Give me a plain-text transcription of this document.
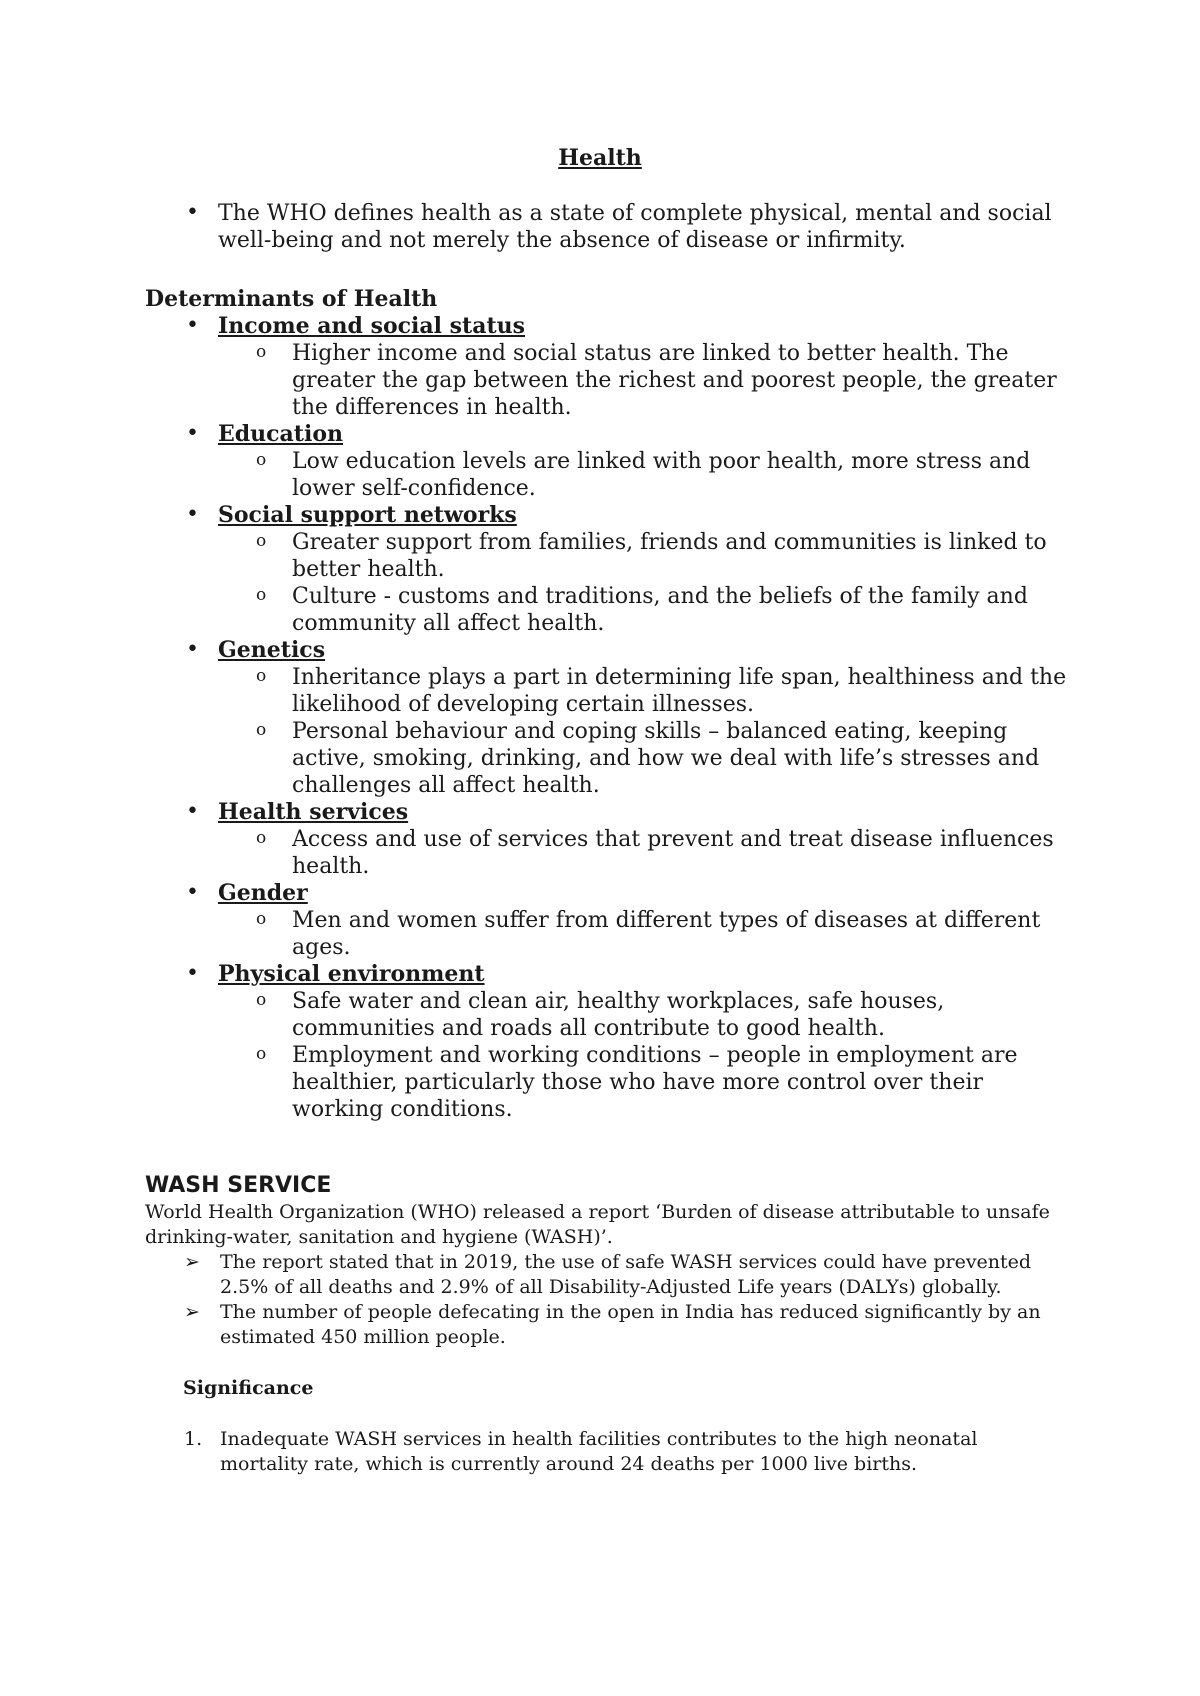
Health
• The WHO defines health as a state of complete physical, mental and social well-being and not merely the absence of disease or infirmity.
Determinants of Health
• Income and social status
o Higher income and social status are linked to better health. The greater the gap between the richest and poorest people, the greater the differences in health.
• Education
o Low education levels are linked with poor health, more stress and lower self-confidence.
• Social support networks
o Greater support from families, friends and communities is linked to better health.
o Culture - customs and traditions, and the beliefs of the family and community all affect health.
• Genetics
o Inheritance plays a part in determining life span, healthiness and the likelihood of developing certain illnesses.
o Personal behaviour and coping skills – balanced eating, keeping active, smoking, drinking, and how we deal with life’s stresses and challenges all affect health.
• Health services
o Access and use of services that prevent and treat disease influences health.
• Gender
o Men and women suffer from different types of diseases at different ages.
• Physical environment
o Safe water and clean air, healthy workplaces, safe houses, communities and roads all contribute to good health.
o Employment and working conditions – people in employment are healthier, particularly those who have more control over their working conditions.
WASH SERVICE
World Health Organization (WHO) released a report ‘Burden of disease attributable to unsafe drinking-water, sanitation and hygiene (WASH)’.
➢ The report stated that in 2019, the use of safe WASH services could have prevented 2.5% of all deaths and 2.9% of all Disability-Adjusted Life years (DALYs) globally.
➢ The number of people defecating in the open in India has reduced significantly by an estimated 450 million people.
Significance
1. Inadequate WASH services in health facilities contributes to the high neonatal mortality rate, which is currently around 24 deaths per 1000 live births.
